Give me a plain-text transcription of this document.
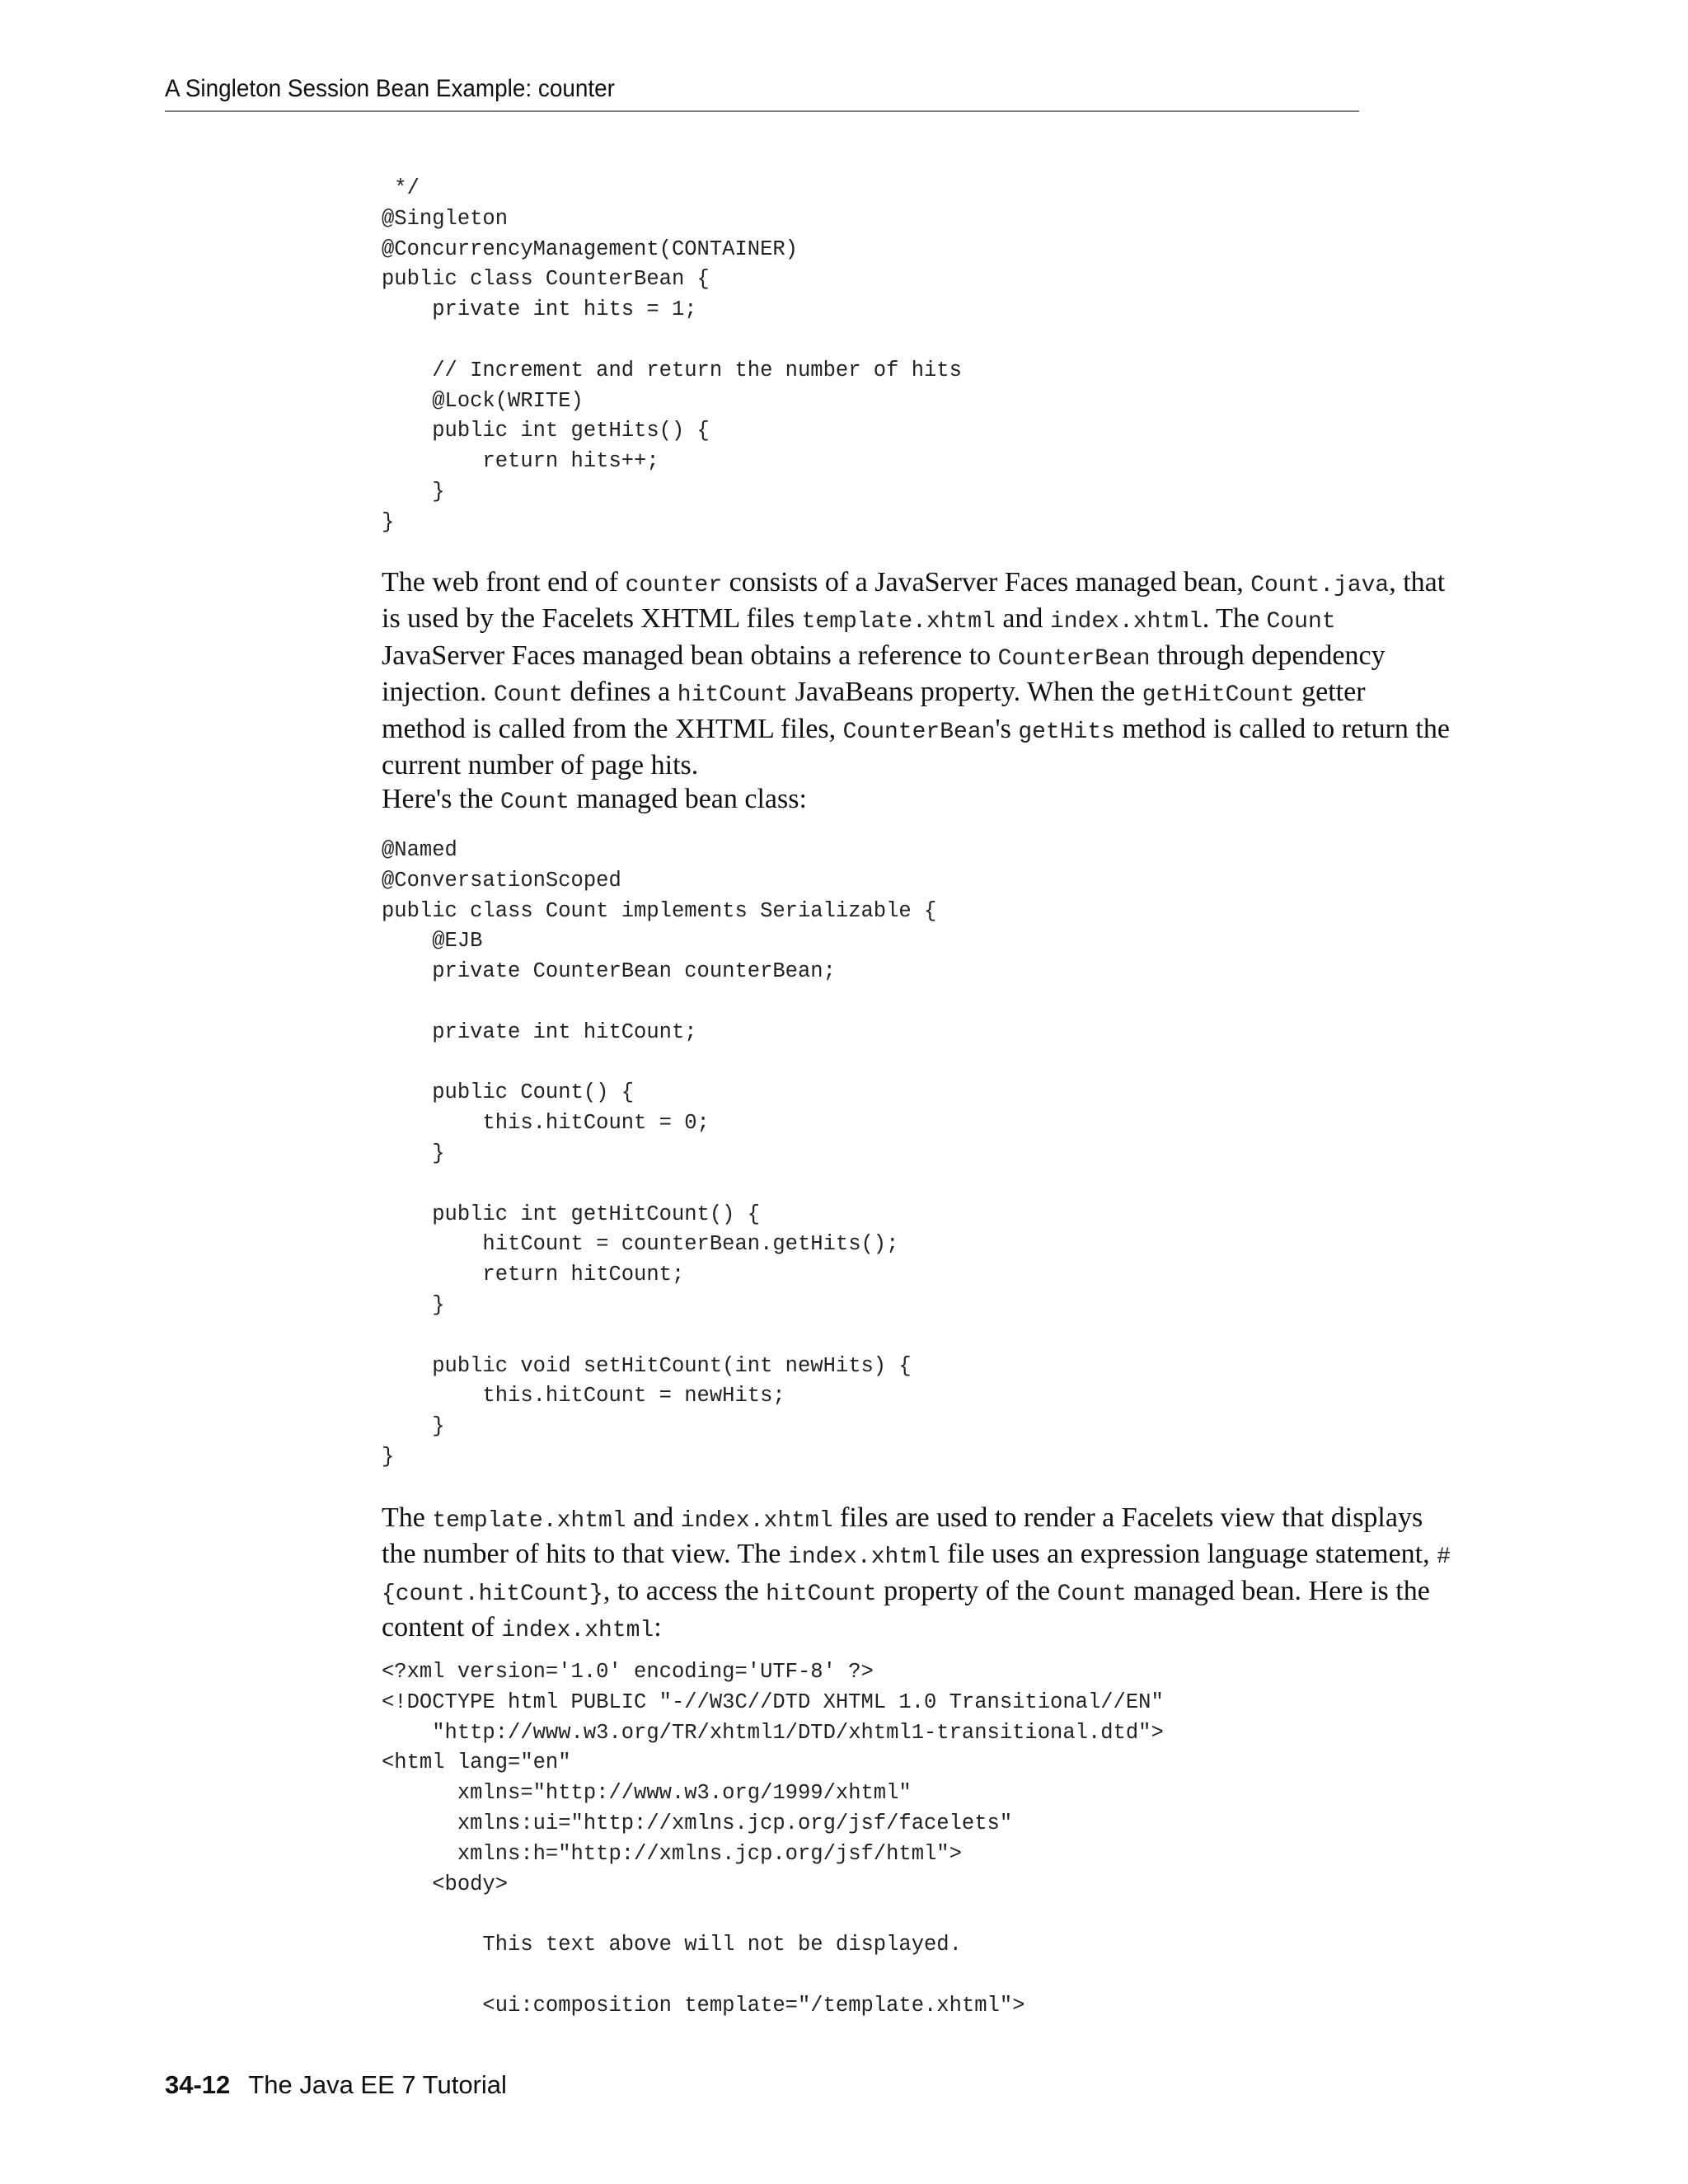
A Singleton Session Bean Example: counter
*/
@Singleton
@ConcurrencyManagement(CONTAINER)
public class CounterBean {
private int hits = 1;

// Increment and return the number of hits
@Lock(WRITE)
public int getHits() {
return hits++;
}
}

The web front end of counter consists of a JavaServer Faces managed bean, Count.java, that is used by the Facelets XHTML files template.xhtml and index.xhtml. The Count JavaServer Faces managed bean obtains a reference to CounterBean through dependency injection. Count defines a hitCount JavaBeans property. When the getHitCount getter method is called from the XHTML files, CounterBean's getHits method is called to return the current number of page hits.

Here's the Count managed bean class:

@Named
@ConversationScoped
public class Count implements Serializable {
@EJB
private CounterBean counterBean;

private int hitCount;

public Count() {
this.hitCount = 0;
}

public int getHitCount() {
hitCount = counterBean.getHits();
return hitCount;
}

public void setHitCount(int newHits) {
this.hitCount = newHits;
}
}

The template.xhtml and index.xhtml files are used to render a Facelets view that displays the number of hits to that view. The index.xhtml file uses an expression language statement, #{count.hitCount}, to access the hitCount property of the Count managed bean. Here is the content of index.xhtml:

<?xml version='1.0' encoding='UTF-8' ?>
<!DOCTYPE html PUBLIC "-//W3C//DTD XHTML 1.0 Transitional//EN"
"http://www.w3.org/TR/xhtml1/DTD/xhtml1-transitional.dtd">
<html lang="en"
xmlns="http://www.w3.org/1999/xhtml"
xmlns:ui="http://xmlns.jcp.org/jsf/facelets"
xmlns:h="http://xmlns.jcp.org/jsf/html">
<body>

This text above will not be displayed.

<ui:composition template="/template.xhtml">
34-12 The Java EE 7 Tutorial
